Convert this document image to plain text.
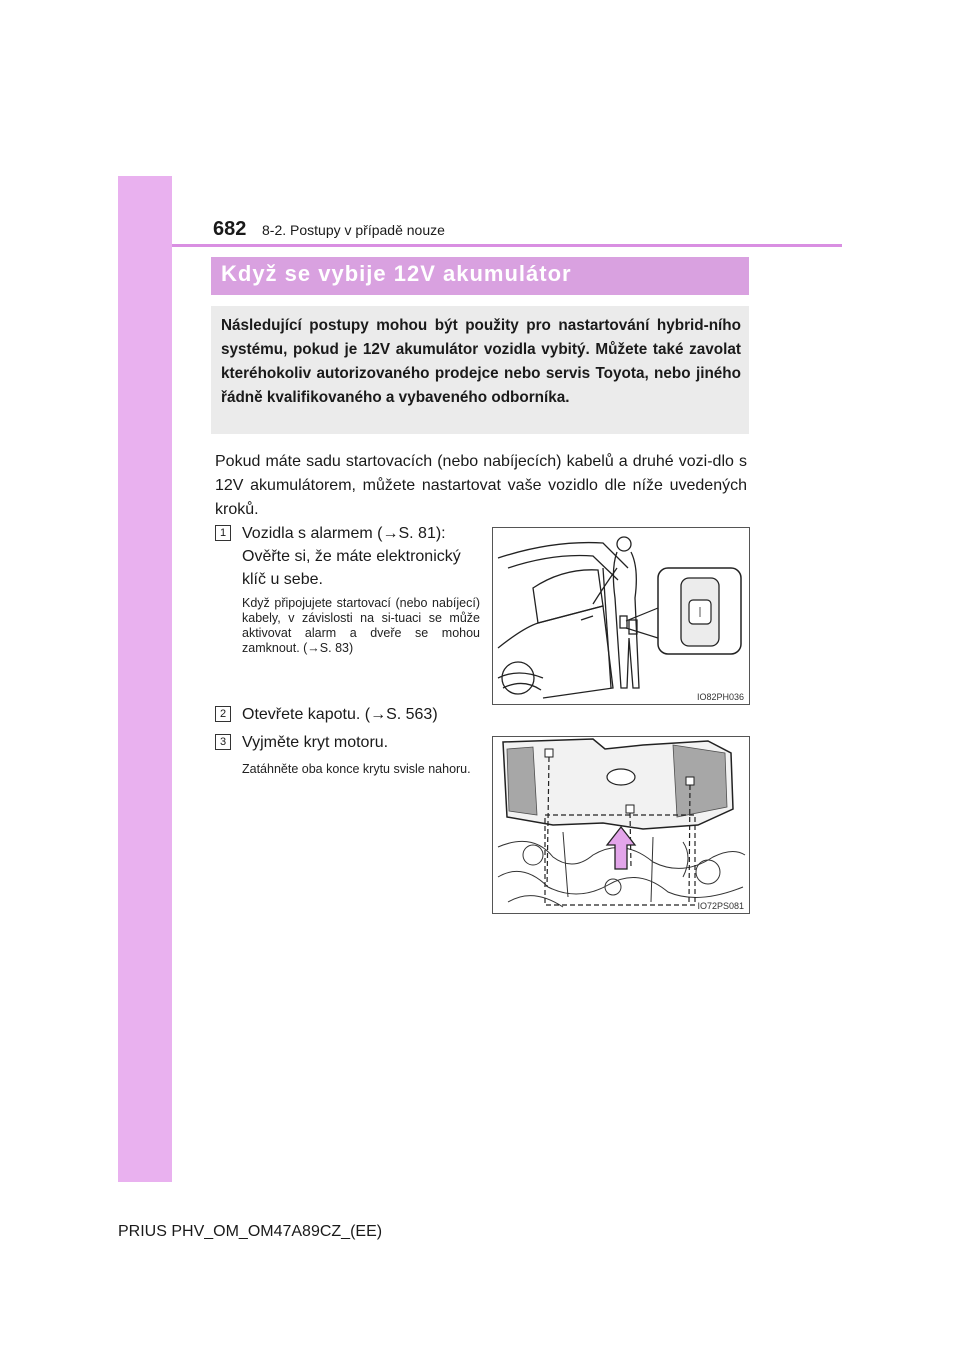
682 8-2. Postupy v případě nouze
Když se vybije 12V akumulátor
Následující postupy mohou být použity pro nastartování hybrid-ního systému, pokud je 12V akumulátor vozidla vybitý. Můžete také zavolat kteréhokoliv autorizovaného prodejce nebo servis Toyota, nebo jiného řádně kvalifikovaného a vybaveného odborníka.
Pokud máte sadu startovacích (nebo nabíjecích) kabelů a druhé vozi-dlo s 12V akumulátorem, můžete nastartovat vaše vozidlo dle níže uvedených kroků.
1 Vozidla s alarmem (→S. 81): Ověřte si, že máte elektronický klíč u sebe.
Když připojujete startovací (nebo nabíjecí) kabely, v závislosti na si-tuaci se může aktivovat alarm a dveře se mohou zamknout. (→S. 83)
IO82PH036
2 Otevřete kapotu. (→S. 563)
3 Vyjměte kryt motoru.
Zatáhněte oba konce krytu svisle nahoru.
IO72PS081
PRIUS PHV_OM_OM47A89CZ_(EE)
